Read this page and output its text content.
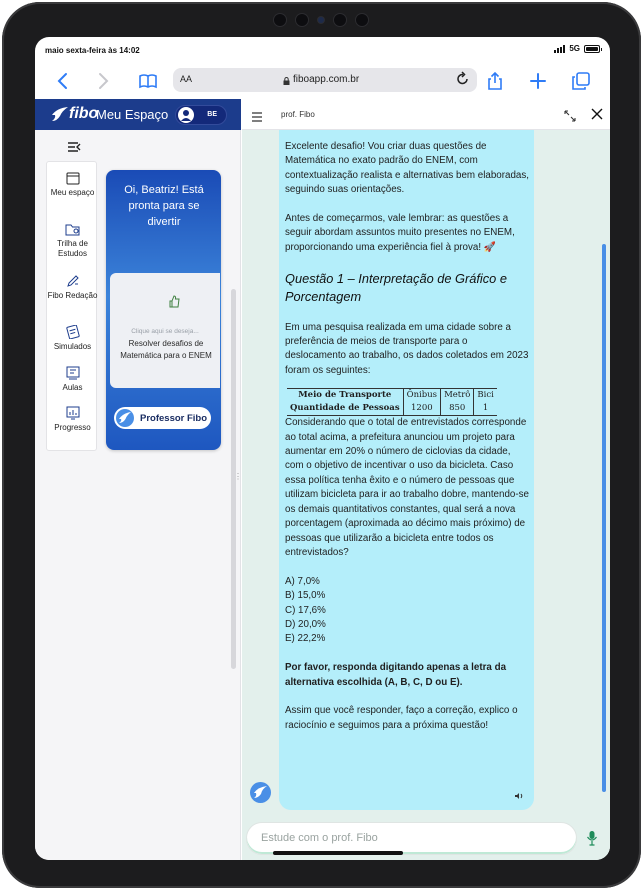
maio sexta-feira às 14:02	5G
AA	fiboapp.com.br
fibo
Meu Espaço	BE
Meu espaço
Trilha de Estudos
Fibo Redação
Simulados
Aulas
Progresso
Oi, Beatriz! Está pronta para se divertir
Clique aqui se deseja...
Resolver desafios de Matemática para o ENEM
Professor Fibo
⋮
prof. Fibo

Excelente desafio! Vou criar duas questões de Matemática no exato padrão do ENEM, com contextualização realista e alternativas bem elaboradas, seguindo suas orientações.

Antes de começarmos, vale lembrar: as questões a seguir abordam assuntos muito presentes no ENEM, proporcionando uma experiência fiel à prova! 🚀

Questão 1 – Interpretação de Gráfico e Porcentagem
Em uma pesquisa realizada em uma cidade sobre a preferência de meios de transporte para o deslocamento ao trabalho, os dados coletados em 2023 foram os seguintes:
Meio de Transporte	Ônibus	Metrô	Bici
Quantidade de Pessoas	1200	850	1

Considerando que o total de entrevistados corresponde ao total acima, a prefeitura anunciou um projeto para aumentar em 20% o número de ciclovias da cidade, com o objetivo de incentivar o uso da bicicleta. Caso essa política tenha êxito e o número de pessoas que utilizam bicicleta para ir ao trabalho dobre, mantendo-se os demais quantitativos constantes, qual será a nova porcentagem (aproximada ao décimo mais próximo) de pessoas que utilizarão a bicicleta entre todos os entrevistados?

A) 7,0%
B) 15,0%
C) 17,6%
D) 20,0%
E) 22,2%

Por favor, responda digitando apenas a letra da alternativa escolhida (A, B, C, D ou E).

Assim que você responder, faço a correção, explico o raciocínio e seguimos para a próxima questão!

Estude com o prof. Fibo
